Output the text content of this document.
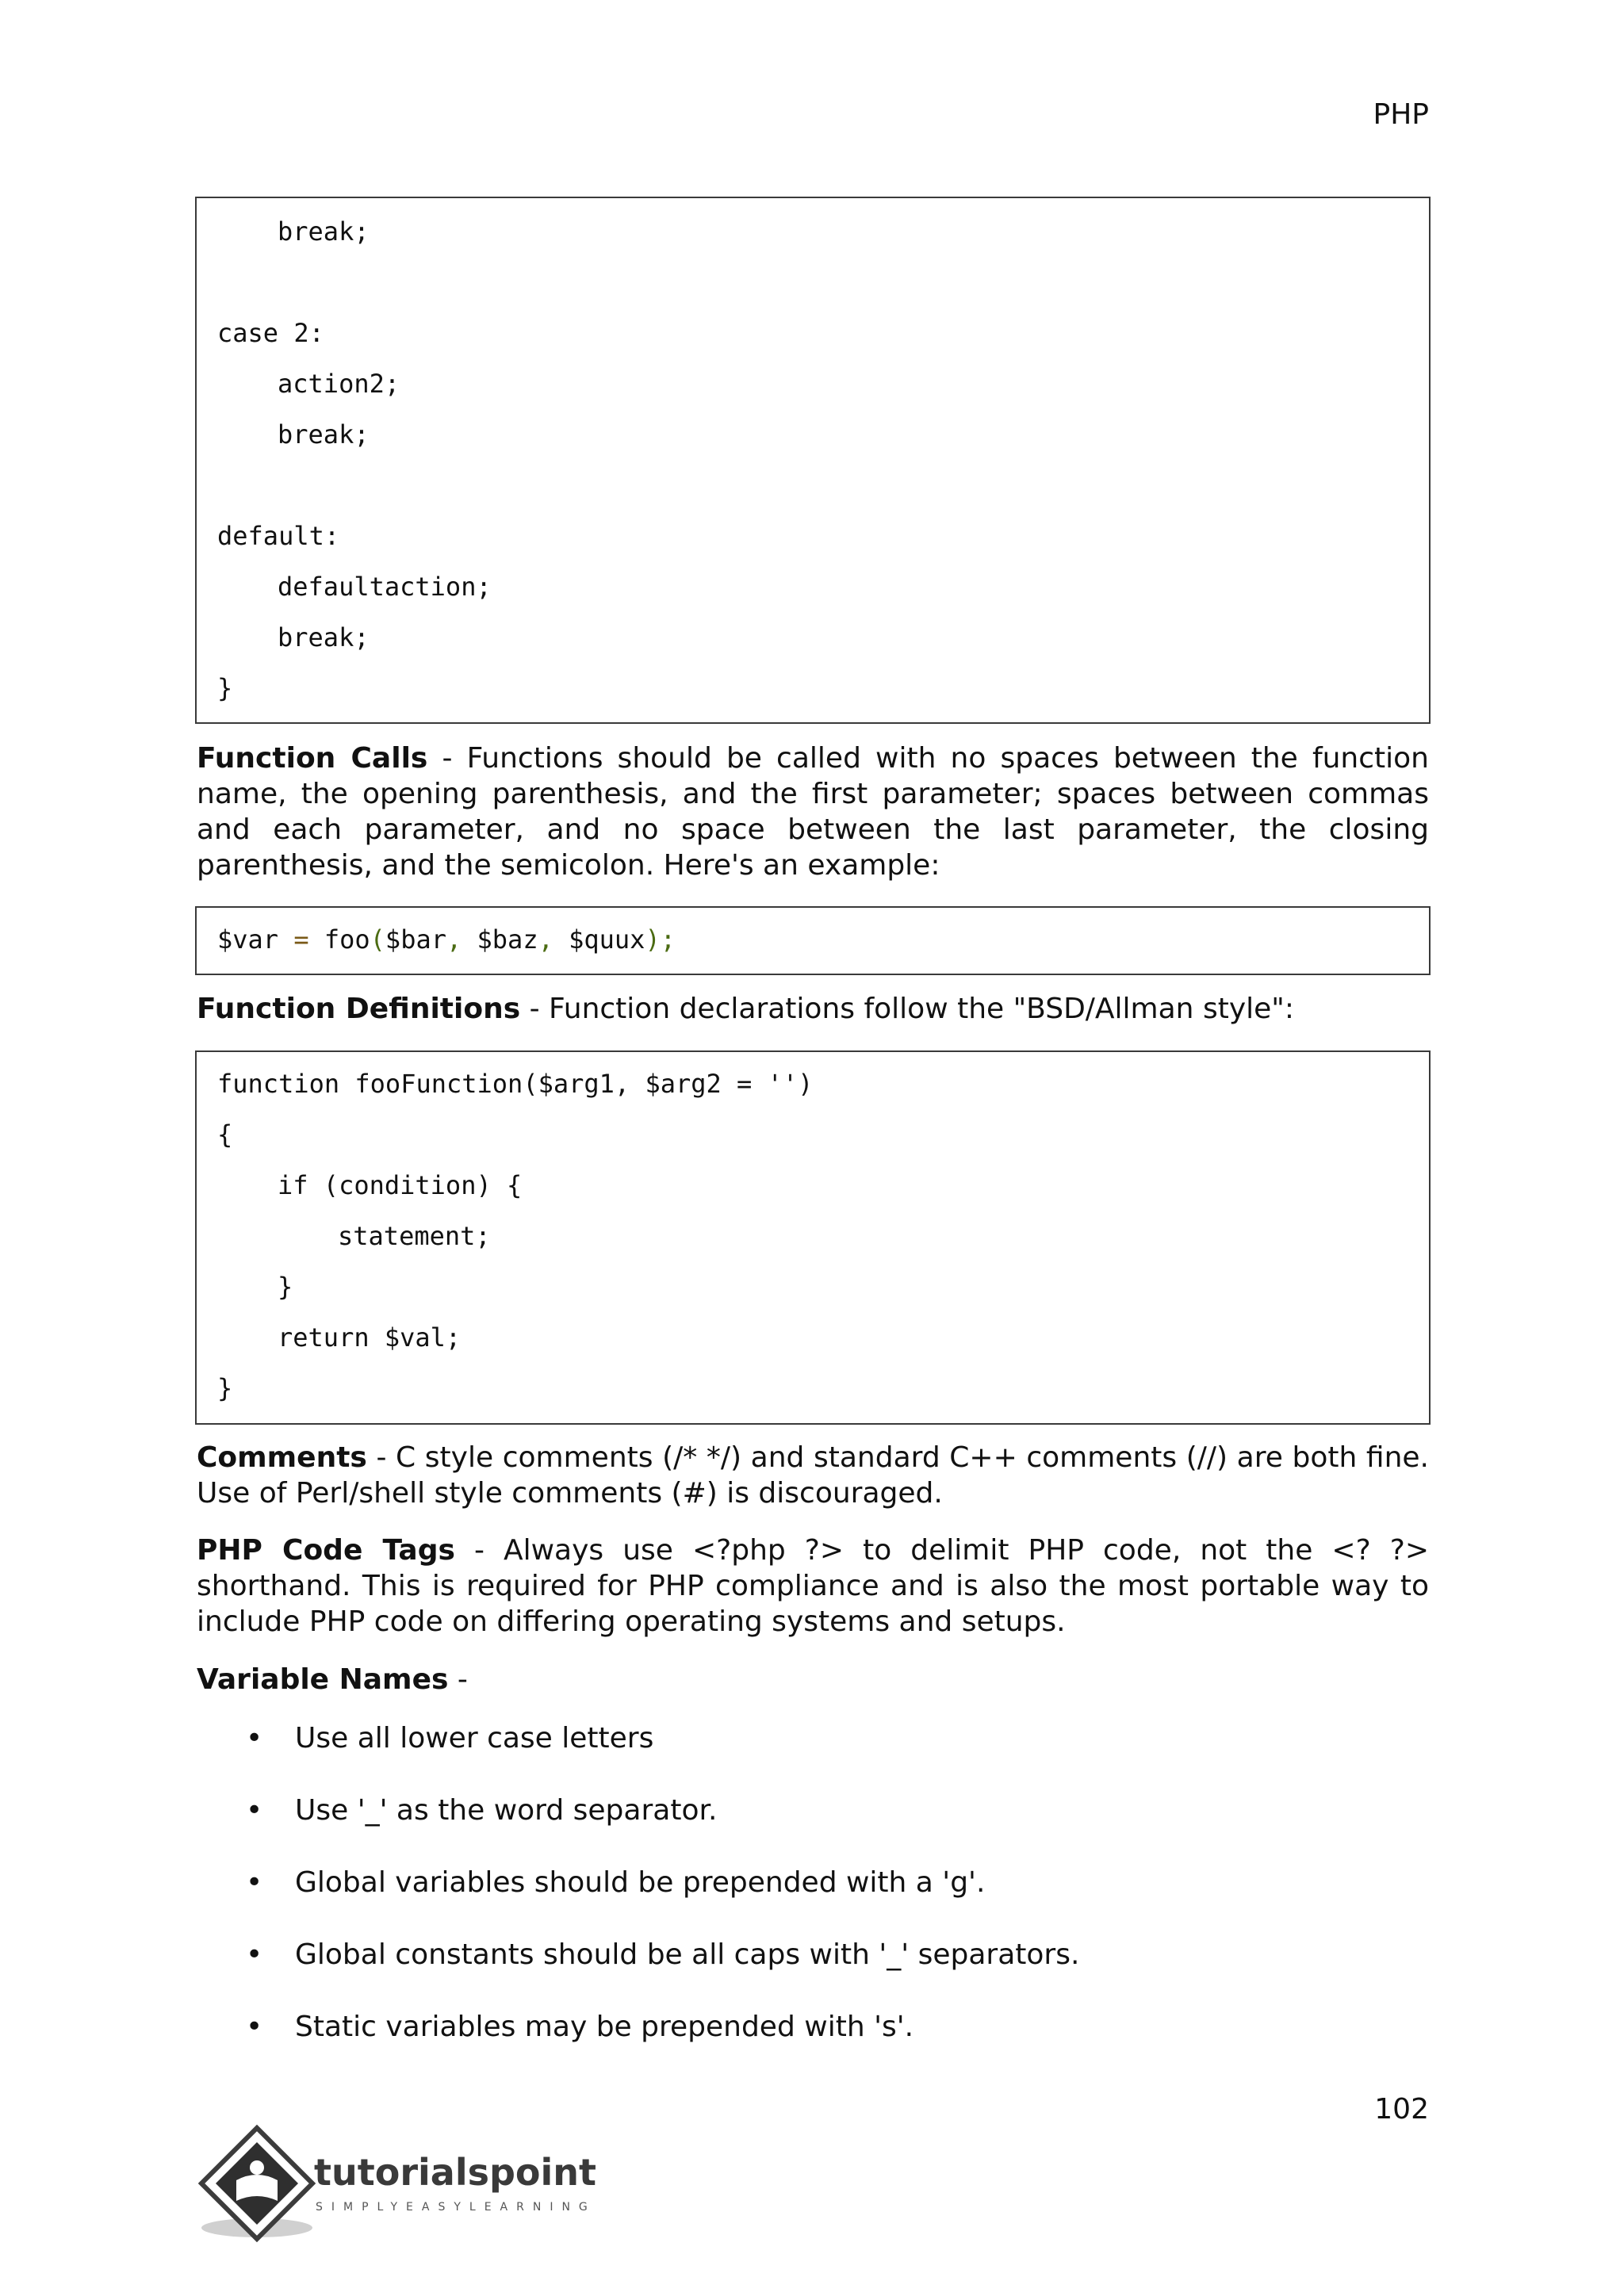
PHP
break;
case 2:
action2;
break;
default:
defaultaction;
break;
}

Function Calls - Functions should be called with no spaces between the function name, the opening parenthesis, and the first parameter; spaces between commas and each parameter, and no space between the last parameter, the closing parenthesis, and the semicolon. Here's an example:

$var = foo($bar, $baz, $quux);

Function Definitions - Function declarations follow the "BSD/Allman style":

function fooFunction($arg1, $arg2 = '')
{
if (condition) {
statement;
}
return $val;
}

Comments - C style comments (/* */) and standard C++ comments (//) are both fine. Use of Perl/shell style comments (#) is discouraged.

PHP Code Tags - Always use <?php ?> to delimit PHP code, not the <? ?> shorthand. This is required for PHP compliance and is also the most portable way to include PHP code on differing operating systems and setups.

Variable Names -

• Use all lower case letters
• Use '_' as the word separator.
• Global variables should be prepended with a 'g'.
• Global constants should be all caps with '_' separators.
• Static variables may be prepended with 's'.
102
tutorialspoint
SIMPLYEASYLEARNING
